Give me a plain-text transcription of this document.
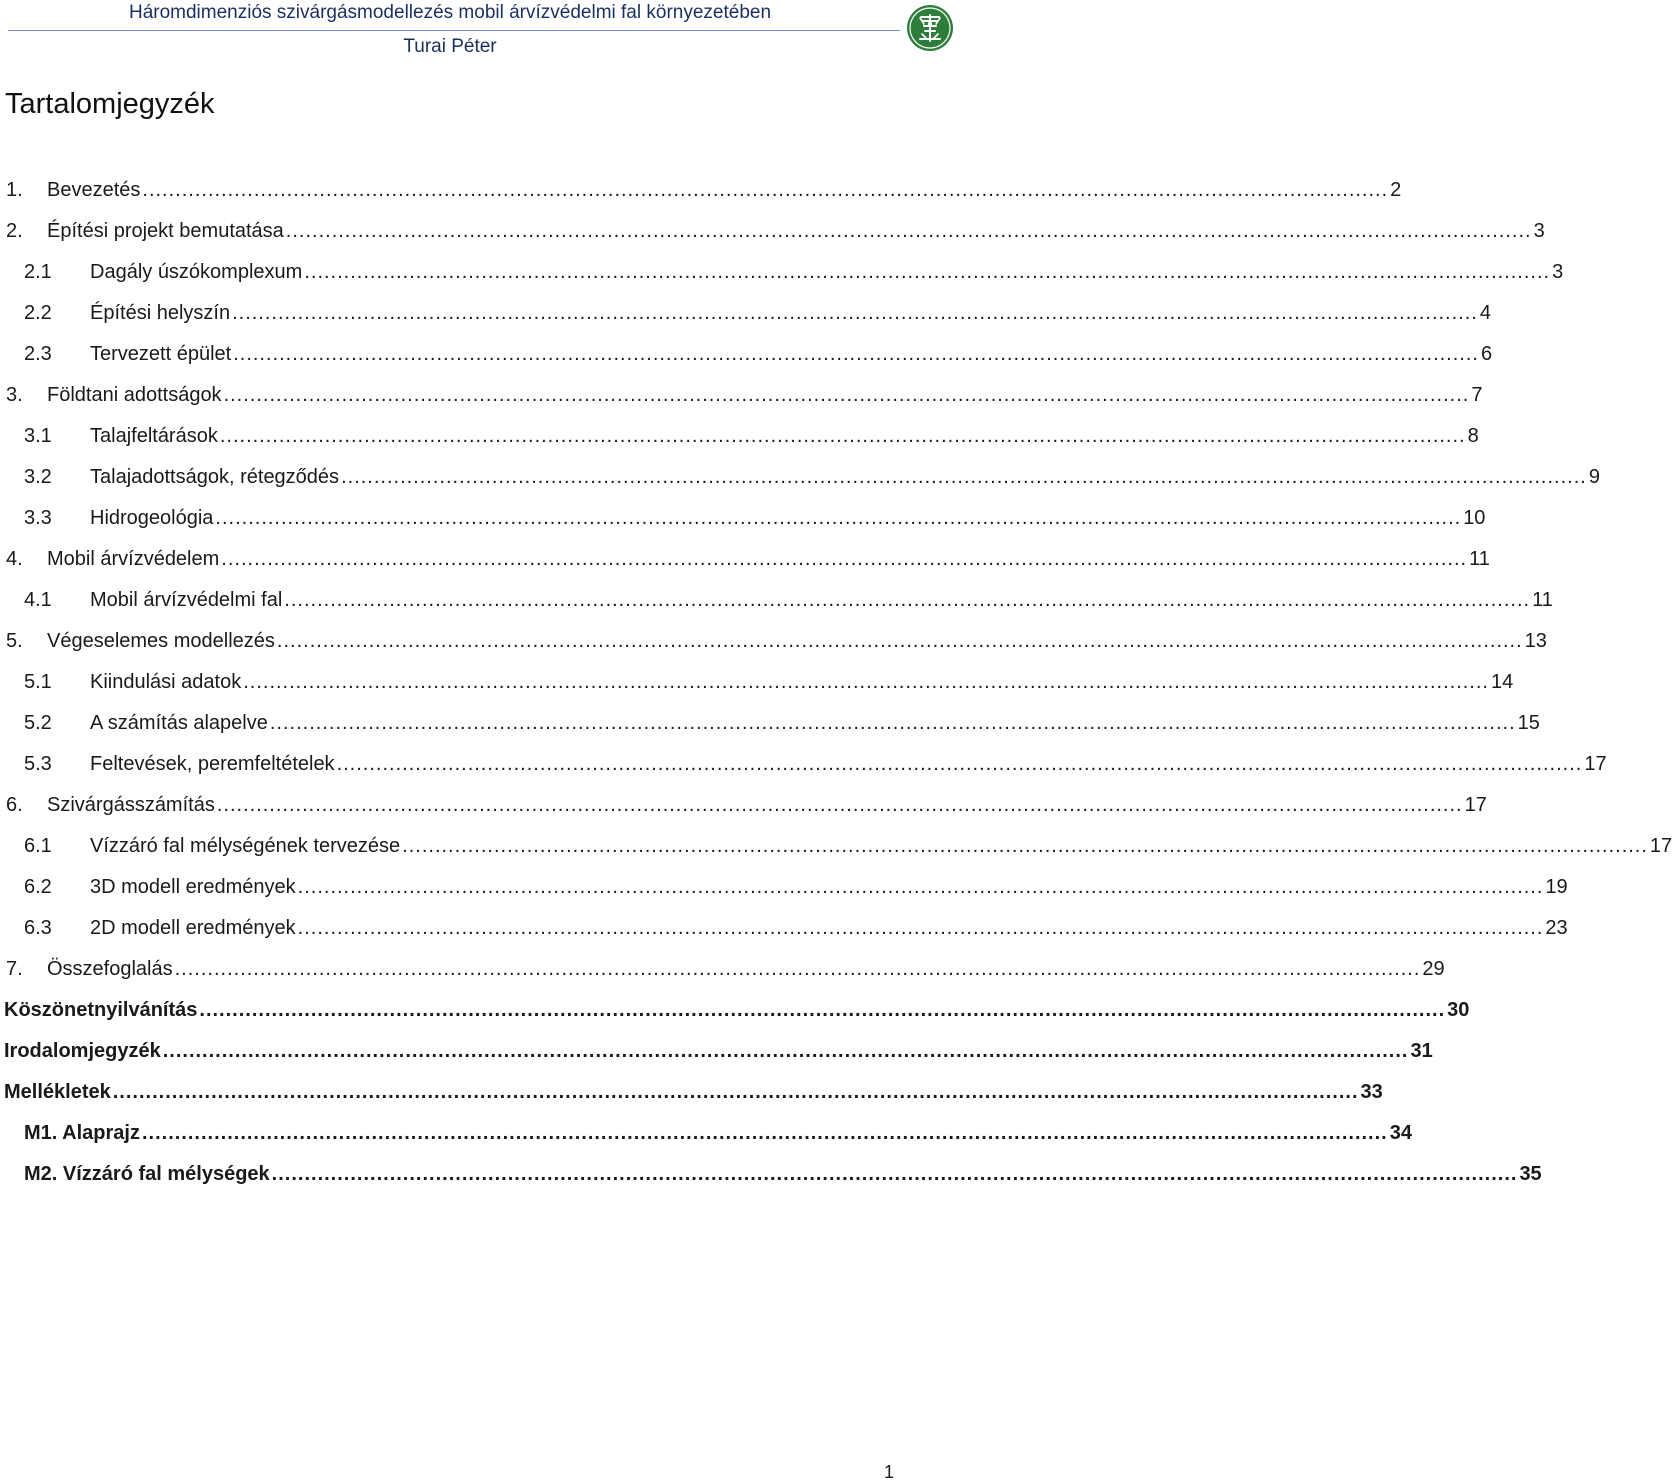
Háromdimenziós szivárgásmodellezés mobil árvízvédelmi fal környezetében
Turai Péter
Tartalomjegyzék
1.	Bevezetés .............................................................................................................................................................................................. 2
2.	Építési projekt bemutatása .............................................................................................................................................................................................. 3
2.1	Dagály úszókomplexum .............................................................................................................................................................................................. 3
2.2	Építési helyszín .............................................................................................................................................................................................. 4
2.3	Tervezett épület .............................................................................................................................................................................................. 6
3.	Földtani adottságok .............................................................................................................................................................................................. 7
3.1	Talajfeltárások .............................................................................................................................................................................................. 8
3.2	Talajadottságok, rétegződés .............................................................................................................................................................................................. 9
3.3	Hidrogeológia .............................................................................................................................................................................................. 10
4.	Mobil árvízvédelem .............................................................................................................................................................................................. 11
4.1	Mobil árvízvédelmi fal .............................................................................................................................................................................................. 11
5.	Végeselemes modellezés .............................................................................................................................................................................................. 13
5.1	Kiindulási adatok .............................................................................................................................................................................................. 14
5.2	A számítás alapelve .............................................................................................................................................................................................. 15
5.3	Feltevések, peremfeltételek .............................................................................................................................................................................................. 17
6.	Szivárgásszámítás .............................................................................................................................................................................................. 17
6.1	Vízzáró fal mélységének tervezése .............................................................................................................................................................................................. 17
6.2	3D modell eredmények .............................................................................................................................................................................................. 19
6.3	2D modell eredmények .............................................................................................................................................................................................. 23
7.	Összefoglalás .............................................................................................................................................................................................. 29
Köszönetnyilvánítás .............................................................................................................................................................................................. 30
Irodalomjegyzék .............................................................................................................................................................................................. 31
Mellékletek .............................................................................................................................................................................................. 33
M1. Alaprajz .............................................................................................................................................................................................. 34
M2. Vízzáró fal mélységek .............................................................................................................................................................................................. 35
1
